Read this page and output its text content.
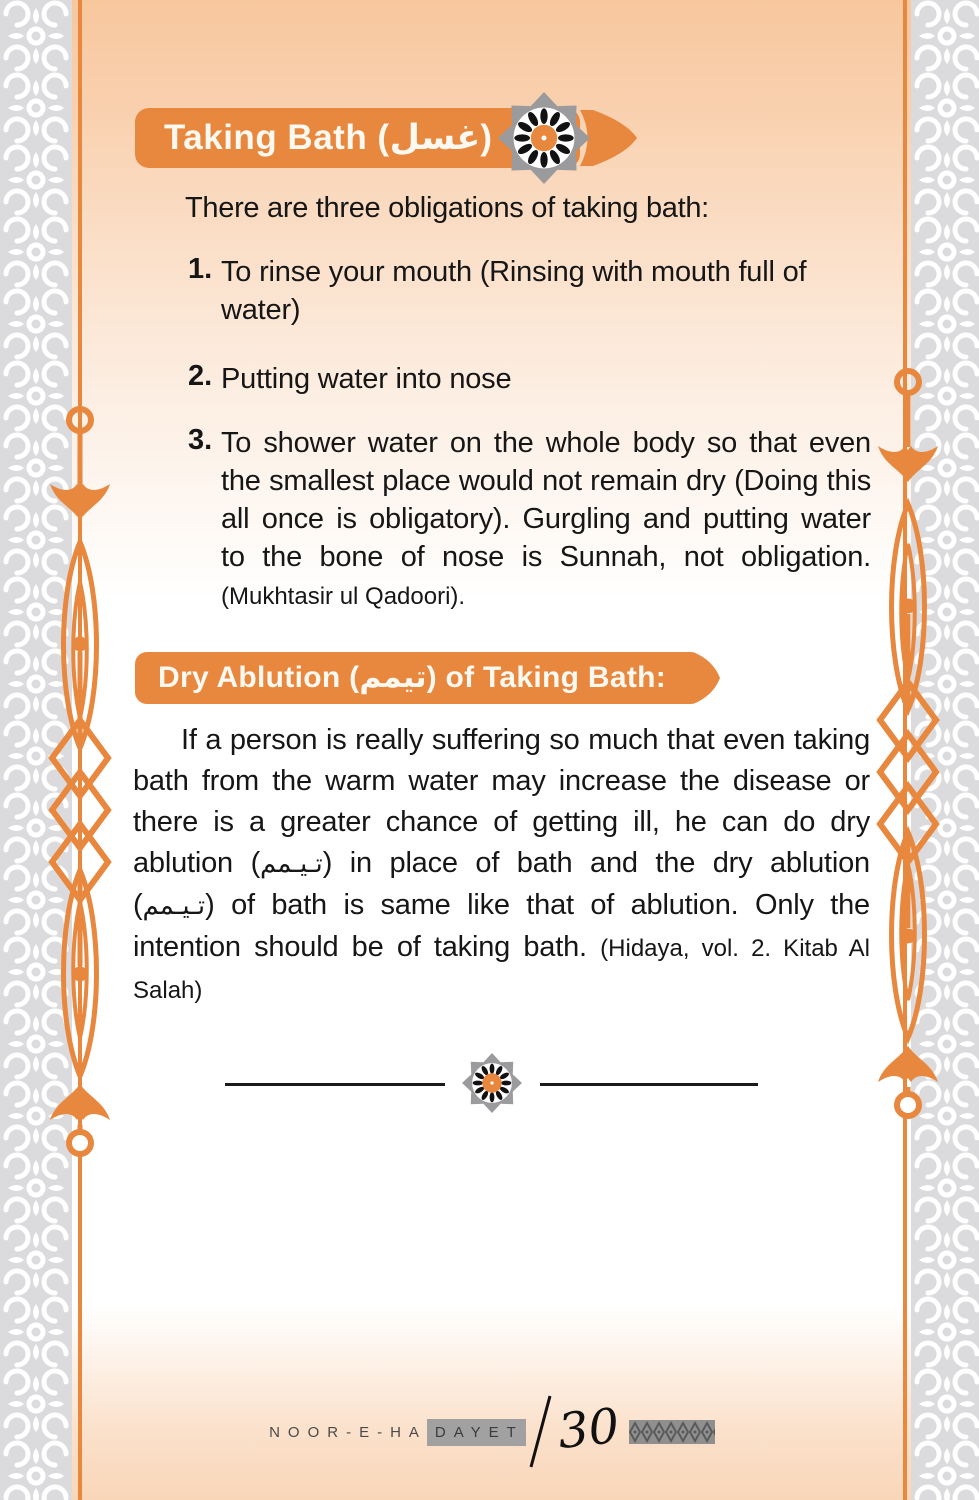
Taking Bath (غسل)
There are three obligations of taking bath:
1. To rinse your mouth (Rinsing with mouth full of water)
2. Putting water into nose
3. To shower water on the whole body so that even the smallest place would not remain dry (Doing this all once is obligatory). Gurgling and putting water to the bone of nose is Sunnah, not obligation. (Mukhtasir ul Qadoori).
Dry Ablution (تيمم) of Taking Bath:
If a person is really suffering so much that even taking bath from the warm water may increase the disease or there is a greater chance of getting ill, he can do dry ablution (تـيـمم) in place of bath and the dry ablution (تـيـمم) of bath is same like that of ablution. Only the intention should be of taking bath. (Hidaya, vol. 2. Kitab Al Salah)
NOOR-E-HA DAYET 30
